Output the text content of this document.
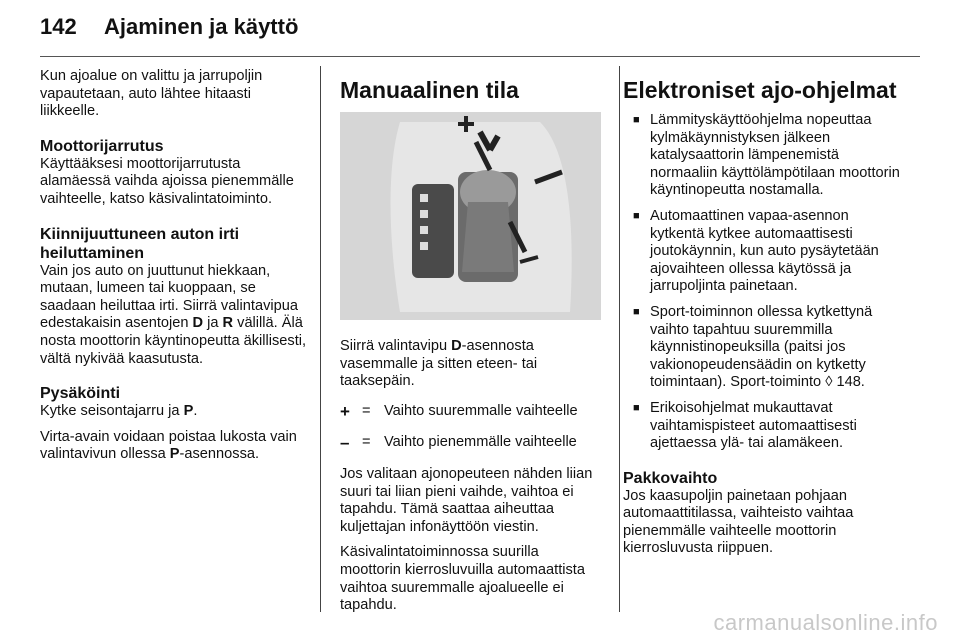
142 Ajaminen ja käyttö

Kun ajoalue on valittu ja jarrupoljin vapautetaan, auto lähtee hitaasti liikkeelle.

Moottorijarrutus

Käyttääksesi moottorijarrutusta alamäessä vaihda ajoissa pienemmälle vaihteelle, katso käsivalintatoiminto.

Kiinnijuuttuneen auton irti heiluttaminen

Vain jos auto on juuttunut hiekkaan, mutaan, lumeen tai kuoppaan, se saadaan heiluttaa irti. Siirrä valintavipua edestakaisin asentojen D ja R välillä. Älä nosta moottorin käyntinopeutta äkillisesti, vältä nykivää kaasutusta.

Pysäköinti

Kytke seisontajarru ja P.

Virta-avain voidaan poistaa lukosta vain valintavivun ollessa P-asennossa.

Manuaalinen tila

Siirrä valintavipu D-asennosta vasemmalle ja sitten eteen- tai taaksepäin.

+ = Vaihto suuremmalle vaihteelle
– = Vaihto pienemmälle vaihteelle

Jos valitaan ajonopeuteen nähden liian suuri tai liian pieni vaihde, vaihtoa ei tapahdu. Tämä saattaa aiheuttaa kuljettajan infonäyttöön viestin.

Käsivalintatoiminnossa suurilla moottorin kierrosluvuilla automaattista vaihtoa suuremmalle ajoalueelle ei tapahdu.

Elektroniset ajo-ohjelmat
■ Lämmityskäyttöohjelma nopeuttaa kylmäkäynnistyksen jälkeen katalysaattorin lämpenemistä normaaliin käyttölämpötilaan moottorin käyntinopeutta nostamalla.
■ Automaattinen vapaa-asennon kytkentä kytkee automaattisesti joutokäynnin, kun auto pysäytetään ajovaihteen ollessa käytössä ja jarrupoljinta painetaan.
■ Sport-toiminnon ollessa kytkettynä vaihto tapahtuu suuremmilla käynnistinopeuksilla (paitsi jos vakionopeudensäädin on kytketty toimintaan). Sport-toiminto ◊ 148.
■ Erikoisohjelmat mukauttavat vaihtamispisteet automaattisesti ajettaessa ylä- tai alamäkeen.
Pakkovaihto

Jos kaasupoljin painetaan pohjaan automaattitilassa, vaihteisto vaihtaa pienemmälle vaihteelle moottorin kierrosluvusta riippuen.

carmanualsonline.info
